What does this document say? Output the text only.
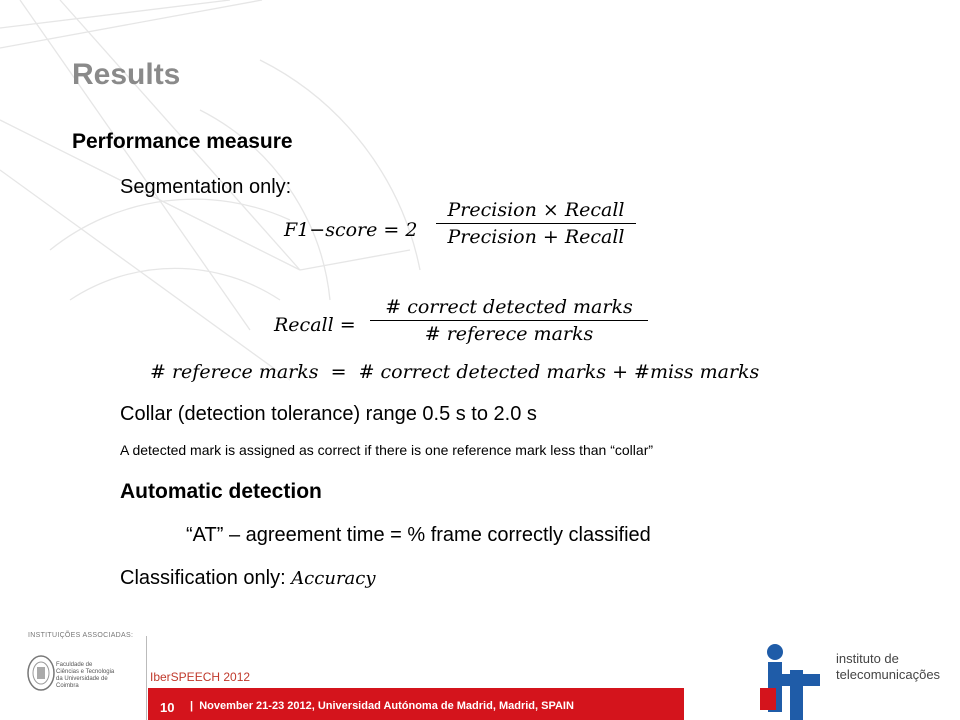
Results
Performance measure
Segmentation only:
F1−score = 2
Precision × Recall
Precision + Recall
Recall =
# correct detected marks
# referece marks
# referece marks  =  # correct detected marks + #miss marks
Collar (detection tolerance) range 0.5 s to 2.0 s
A detected mark is assigned as correct if there is one reference mark less than “collar”
Automatic detection
“AT” – agreement time = % frame correctly classified
Classification only: Accuracy
INSTITUIÇÕES ASSOCIADAS:
Faculdade de Ciências e Tecnologia da Universidade de Coimbra
IberSPEECH 2012
10 | November 21-23 2012, Universidad Autónoma de Madrid, Madrid, SPAIN
instituto de
telecomunicações
